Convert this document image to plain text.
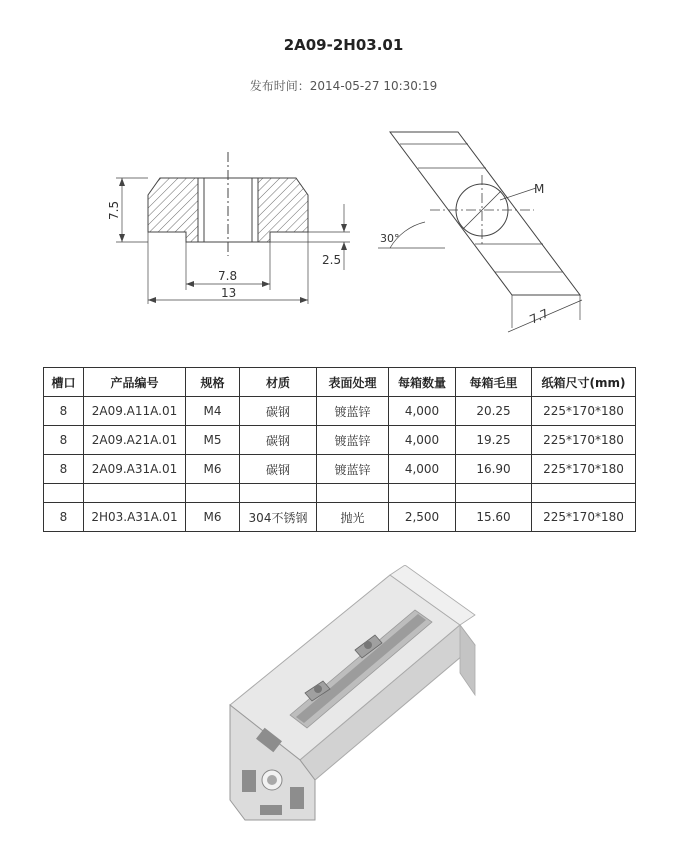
2A09-2H03.01
发布时间：2014-05-27 10:30:19
7.5
2.5
7.8
13
M
30°
7.7
槽口	产品编号	规格	材质	表面处理	每箱数量	每箱毛里	纸箱尺寸(mm)
8	2A09.A11A.01	M4	碳钢	镀蓝锌	4,000	20.25	225*170*180
8	2A09.A21A.01	M5	碳钢	镀蓝锌	4,000	19.25	225*170*180
8	2A09.A31A.01	M6	碳钢	镀蓝锌	4,000	16.90	225*170*180

8	2H03.A31A.01	M6	304不锈钢	抛光	2,500	15.60	225*170*180
